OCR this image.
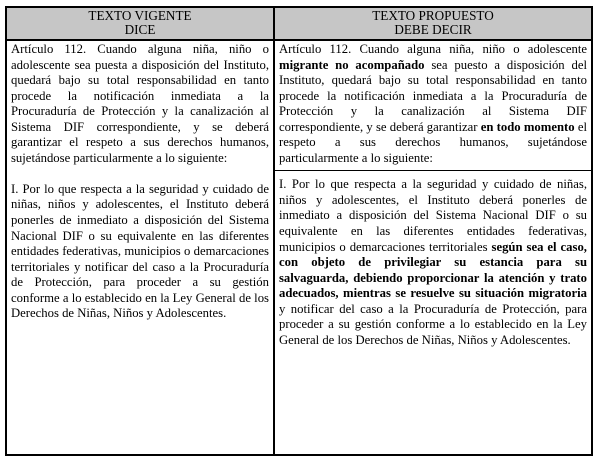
TEXTO VIGENTE
DICE
TEXTO PROPUESTO
DEBE DECIR

Artículo 112. Cuando alguna niña, niño o adolescente sea puesta a disposición del Instituto, quedará bajo su total responsabilidad en tanto procede la notificación inmediata a la Procuraduría de Protección y la canalización al Sistema DIF correspondiente, y se deberá garantizar el respeto a sus derechos humanos, sujetándose particularmente a lo siguiente:

I. Por lo que respecta a la seguridad y cuidado de niñas, niños y adolescentes, el Instituto deberá ponerles de inmediato a disposición del Sistema Nacional DIF o su equivalente en las diferentes entidades federativas, municipios o demarcaciones territoriales y notificar del caso a la Procuraduría de Protección, para proceder a su gestión conforme a lo establecido en la Ley General de los Derechos de Niñas, Niños y Adolescentes.

Artículo 112. Cuando alguna niña, niño o adolescente migrante no acompañado sea puesto a disposición del Instituto, quedará bajo su total responsabilidad en tanto procede la notificación inmediata a la Procuraduría de Protección y la canalización al Sistema DIF correspondiente, y se deberá garantizar en todo momento el respeto a sus derechos humanos, sujetándose particularmente a lo siguiente:

I. Por lo que respecta a la seguridad y cuidado de niñas, niños y adolescentes, el Instituto deberá ponerles de inmediato a disposición del Sistema Nacional DIF o su equivalente en las diferentes entidades federativas, municipios o demarcaciones territoriales según sea el caso, con objeto de privilegiar su estancia para su salvaguarda, debiendo proporcionar la atención y trato adecuados, mientras se resuelve su situación migratoria y notificar del caso a la Procuraduría de Protección, para proceder a su gestión conforme a lo establecido en la Ley General de los Derechos de Niñas, Niños y Adolescentes.
